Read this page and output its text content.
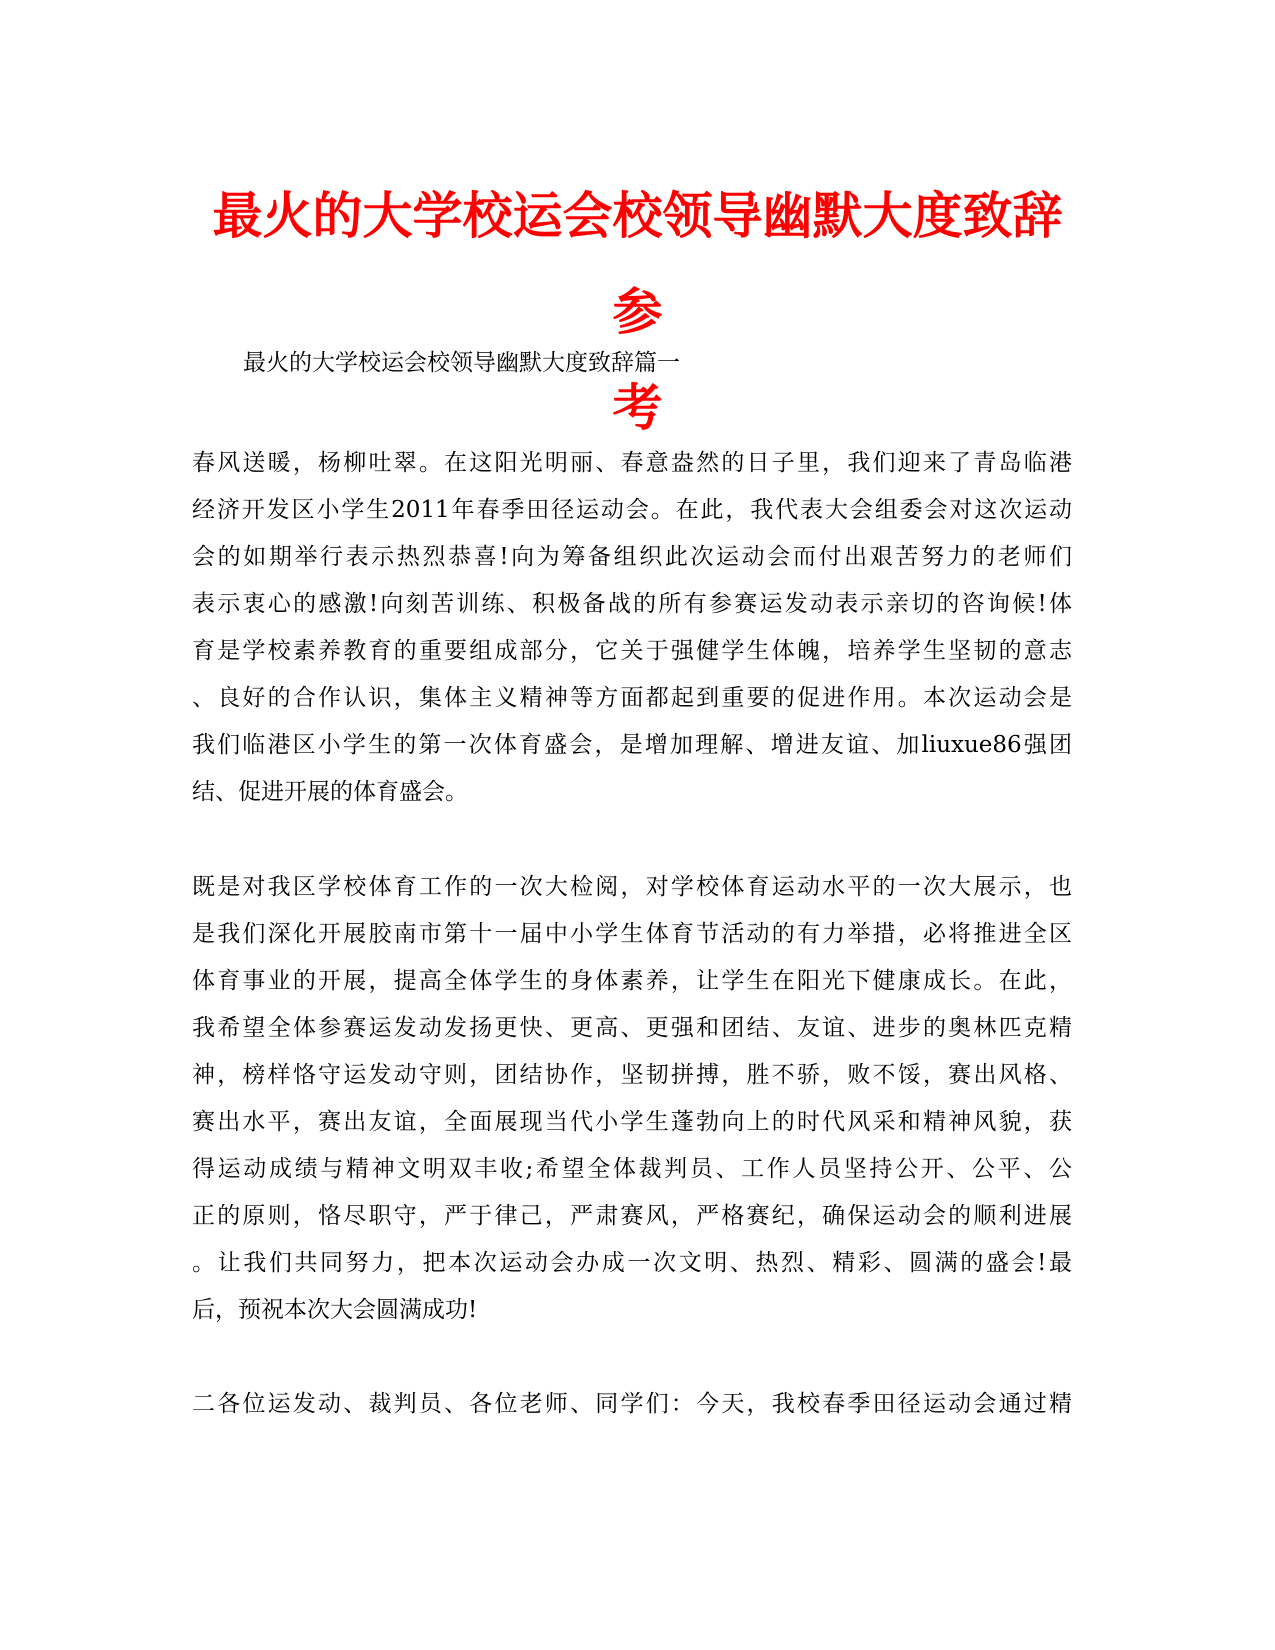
最火的大学校运会校领导幽默大度致辞参
考

最火的大学校运会校领导幽默大度致辞篇一

春风送暖，杨柳吐翠。在这阳光明丽、春意盎然的日子里，我们迎来了青岛临港
经济开发区小学生2011年春季田径运动会。在此，我代表大会组委会对这次运动
会的如期举行表示热烈恭喜!向为筹备组织此次运动会而付出艰苦努力的老师们
表示衷心的感激!向刻苦训练、积极备战的所有参赛运发动表示亲切的咨询候!体
育是学校素养教育的重要组成部分，它关于强健学生体魄，培养学生坚韧的意志
、良好的合作认识，集体主义精神等方面都起到重要的促进作用。本次运动会是
我们临港区小学生的第一次体育盛会，是增加理解、增进友谊、加liuxue86强团
结、促进开展的体育盛会。
既是对我区学校体育工作的一次大检阅，对学校体育运动水平的一次大展示，也
是我们深化开展胶南市第十一届中小学生体育节活动的有力举措，必将推进全区
体育事业的开展，提高全体学生的身体素养，让学生在阳光下健康成长。在此，
我希望全体参赛运发动发扬更快、更高、更强和团结、友谊、进步的奥林匹克精
神，榜样恪守运发动守则，团结协作，坚韧拼搏，胜不骄，败不馁，赛出风格、
赛出水平，赛出友谊，全面展现当代小学生蓬勃向上的时代风采和精神风貌，获
得运动成绩与精神文明双丰收;希望全体裁判员、工作人员坚持公开、公平、公
正的原则，恪尽职守，严于律己，严肃赛风，严格赛纪，确保运动会的顺利进展
。让我们共同努力，把本次运动会办成一次文明、热烈、精彩、圆满的盛会!最
后，预祝本次大会圆满成功!
二各位运发动、裁判员、各位老师、同学们：今天，我校春季田径运动会通过精
